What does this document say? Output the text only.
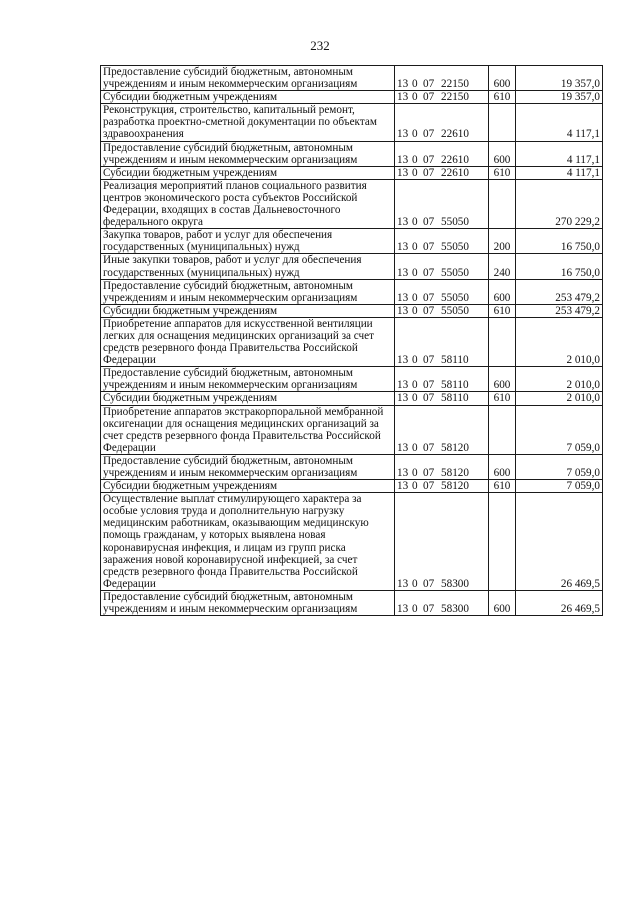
232
Предоставление субсидий бюджетным, автономным учреждениям и иным некоммерческим организациям	13 0 07 22150	600	19 357,0
Субсидии бюджетным учреждениям	13 0 07 22150	610	19 357,0
Реконструкция, строительство, капитальный ремонт, разработка проектно-сметной документации по объектам здравоохранения	13 0 07 22610		4 117,1
Предоставление субсидий бюджетным, автономным учреждениям и иным некоммерческим организациям	13 0 07 22610	600	4 117,1
Субсидии бюджетным учреждениям	13 0 07 22610	610	4 117,1
Реализация мероприятий планов социального развития центров экономического роста субъектов Российской Федерации, входящих в состав Дальневосточного федерального округа	13 0 07 55050		270 229,2
Закупка товаров, работ и услуг для обеспечения государственных (муниципальных) нужд	13 0 07 55050	200	16 750,0
Иные закупки товаров, работ и услуг для обеспечения государственных (муниципальных) нужд	13 0 07 55050	240	16 750,0
Предоставление субсидий бюджетным, автономным учреждениям и иным некоммерческим организациям	13 0 07 55050	600	253 479,2
Субсидии бюджетным учреждениям	13 0 07 55050	610	253 479,2
Приобретение аппаратов для искусственной вентиляции легких для оснащения медицинских организаций за счет средств резервного фонда Правительства Российской Федерации	13 0 07 58110		2 010,0
Предоставление субсидий бюджетным, автономным учреждениям и иным некоммерческим организациям	13 0 07 58110	600	2 010,0
Субсидии бюджетным учреждениям	13 0 07 58110	610	2 010,0
Приобретение аппаратов экстракорпоральной мембранной оксигенации для оснащения медицинских организаций за счет средств резервного фонда Правительства Российской Федерации	13 0 07 58120		7 059,0
Предоставление субсидий бюджетным, автономным учреждениям и иным некоммерческим организациям	13 0 07 58120	600	7 059,0
Субсидии бюджетным учреждениям	13 0 07 58120	610	7 059,0
Осуществление выплат стимулирующего характера за особые условия труда и дополнительную нагрузку медицинским работникам, оказывающим медицинскую помощь гражданам, у которых выявлена новая коронавирусная инфекция, и лицам из групп риска заражения новой коронавирусной инфекцией, за счет средств резервного фонда Правительства Российской Федерации	13 0 07 58300		26 469,5
Предоставление субсидий бюджетным, автономным учреждениям и иным некоммерческим организациям	13 0 07 58300	600	26 469,5
